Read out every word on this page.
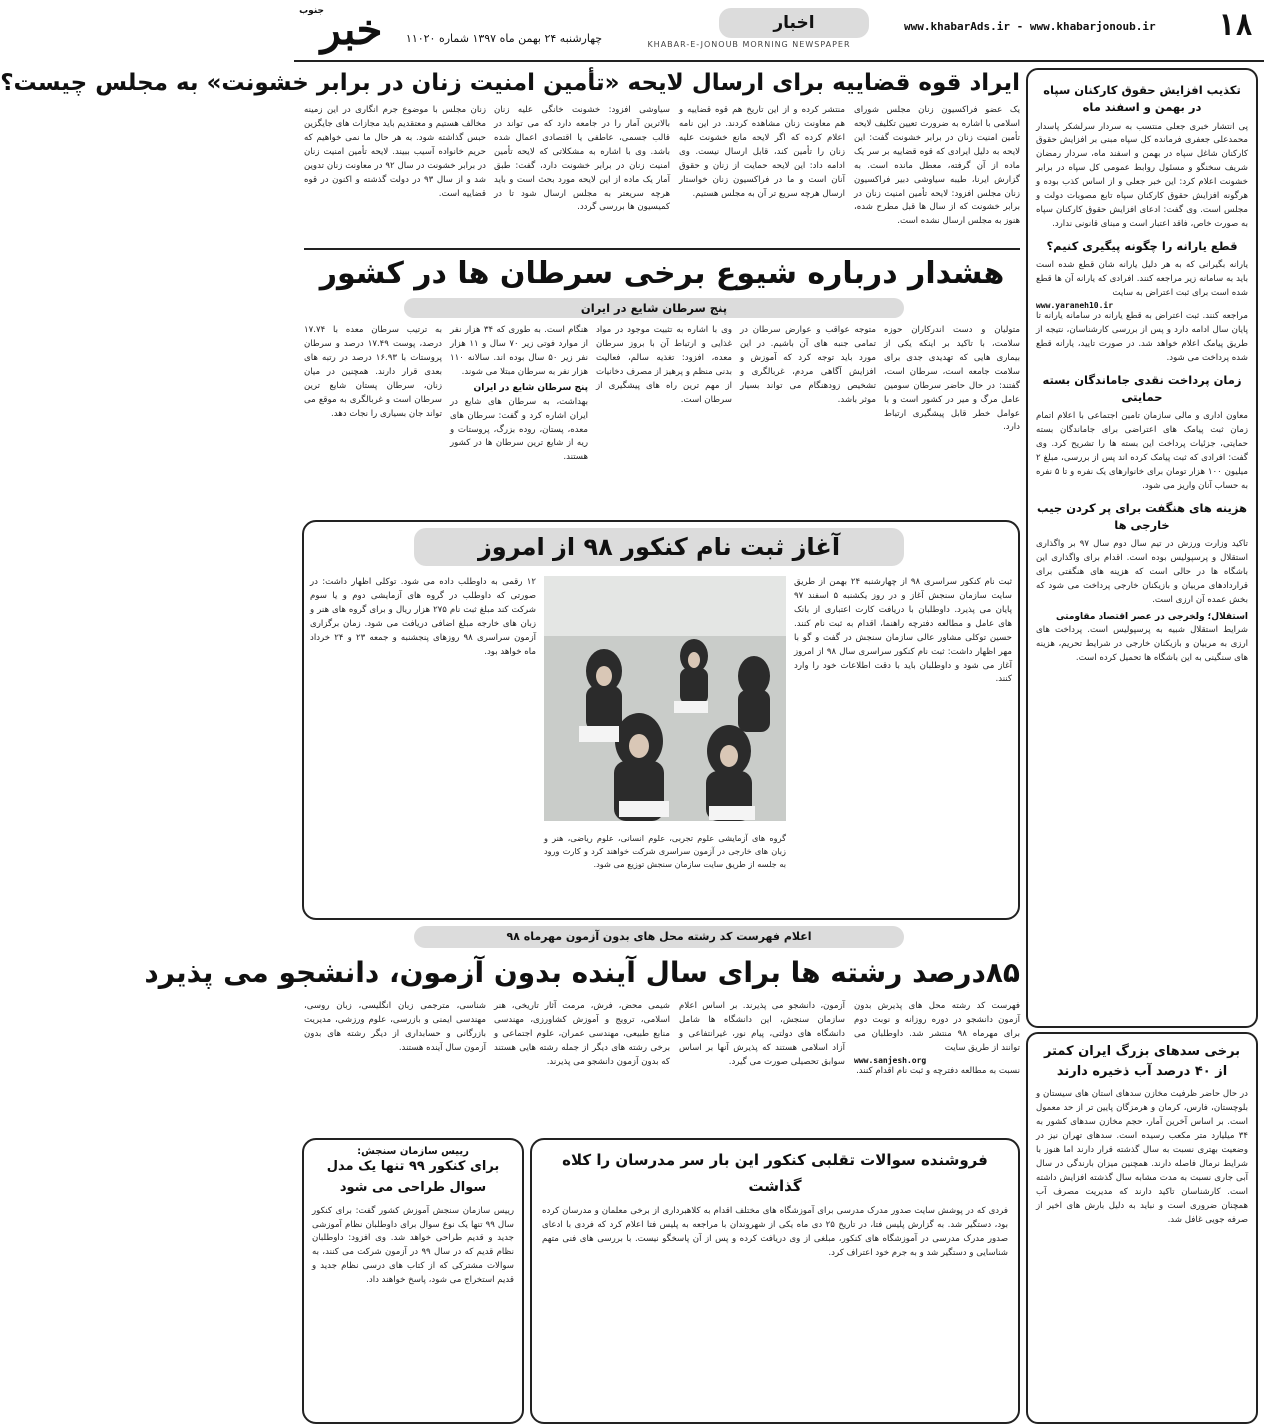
١٨
www.khabarAds.ir - www.khabarjonoub.ir
اخبار
KHABAR-E-JONOUB MORNING NEWSPAPER
خبر
جنوب
چهارشنبه ۲۴ بهمن ماه ۱۳۹۷ شماره ۱۱۰۲۰
تکذیب افزایش حقوق کارکنان سپاه در بهمن و اسفند ماه

پی انتشار خبری جعلی منتسب به سردار سرلشکر پاسدار محمدعلی جعفری فرمانده کل سپاه مبنی بر افزایش حقوق کارکنان شاغل سپاه در بهمن و اسفند ماه، سردار رمضان شریف سخنگو و مسئول روابط عمومی کل سپاه در برابر خشونت اعلام کرد: این خبر جعلی و از اساس کذب بوده و هرگونه افزایش حقوق کارکنان سپاه تابع مصوبات دولت و مجلس است. وی گفت: ادعای افزایش حقوق کارکنان سپاه به صورت خاص، فاقد اعتبار است و مبنای قانونی ندارد.

قطع یارانه را چگونه پیگیری کنیم؟

یارانه بگیرانی که به هر دلیل یارانه شان قطع شده است باید به سامانه زیر مراجعه کنند. افرادی که یارانه آن ها قطع شده است برای ثبت اعتراض به سایت

www.yaraneh10.ir

مراجعه کنند. ثبت اعتراض به قطع یارانه در سامانه یارانه تا پایان سال ادامه دارد و پس از بررسی کارشناسان، نتیجه از طریق پیامک اعلام خواهد شد. در صورت تایید، یارانه قطع شده پرداخت می شود.

زمان پرداخت نقدی جاماندگان بسته حمایتی

معاون اداری و مالی سازمان تامین اجتماعی با اعلام اتمام زمان ثبت پیامک های اعتراضی برای جاماندگان بسته حمایتی، جزئیات پرداخت این بسته ها را تشریح کرد. وی گفت: افرادی که ثبت پیامک کرده اند پس از بررسی، مبلغ ۲ میلیون ۱۰۰ هزار تومان برای خانوارهای یک نفره و تا ۵ نفره به حساب آنان واریز می شود.

هزینه های هنگفت برای پر کردن جیب خارجی ها

تاکید وزارت ورزش در تیم سال دوم سال ۹۷ بر واگذاری استقلال و پرسپولیس بوده است. اقدام برای واگذاری این باشگاه ها در حالی است که هزینه های هنگفتی برای قراردادهای مربیان و بازیکنان خارجی پرداخت می شود که بخش عمده آن ارزی است.

استقلال؛ ولخرجی در عصر اقتصاد مقاومتی

شرایط استقلال شبیه به پرسپولیس است. پرداخت های ارزی به مربیان و بازیکنان خارجی در شرایط تحریم، هزینه های سنگینی به این باشگاه ها تحمیل کرده است.

ایراد قوه قضاییه برای ارسال لایحه «تأمین امنیت زنان در برابر خشونت» به مجلس چیست؟

یک عضو فراکسیون زنان مجلس شورای اسلامی با اشاره به ضرورت تعیین تکلیف لایحه تأمین امنیت زنان در برابر خشونت گفت: این لایحه به دلیل ایرادی که قوه قضاییه بر سر یک ماده از آن گرفته، معطل مانده است. به گزارش ایرنا، طیبه سیاوشی دبیر فراکسیون زنان مجلس افزود: لایحه تأمین امنیت زنان در برابر خشونت که از سال ها قبل مطرح شده، هنوز به مجلس ارسال نشده است.

منتشر کرده و از این تاریخ هم قوه قضاییه و هم معاونت زنان مشاهده کردند. در این نامه اعلام کرده که اگر لایحه مانع خشونت علیه زنان را تأمین کند، قابل ارسال نیست. وی ادامه داد: این لایحه حمایت از زنان و حقوق آنان است و ما در فراکسیون زنان خواستار ارسال هرچه سریع تر آن به مجلس هستیم.

سیاوشی افزود: خشونت خانگی علیه زنان بالاترین آمار را در جامعه دارد که می تواند در قالب جسمی، عاطفی یا اقتصادی اعمال شده باشد. وی با اشاره به مشکلاتی که لایحه تأمین امنیت زنان در برابر خشونت دارد، گفت: طبق آمار یک ماده از این لایحه مورد بحث است و باید هرچه سریعتر به مجلس ارسال شود تا در کمیسیون ها بررسی گردد.

زنان مجلس با موضوع جرم انگاری در این زمینه مخالف هستیم و معتقدیم باید مجازات های جایگزین حبس گذاشته شود. به هر حال ما نمی خواهیم که حریم خانواده آسیب ببیند. لایحه تأمین امنیت زنان در برابر خشونت در سال ۹۲ در معاونت زنان تدوین شد و از سال ۹۳ در دولت گذشته و اکنون در قوه قضاییه است.

هشدار درباره شیوع برخی سرطان ها در کشور
پنج سرطان شایع در ایران

متولیان و دست اندرکاران حوزه سلامت، با تاکید بر اینکه یکی از بیماری هایی که تهدیدی جدی برای سلامت جامعه است، سرطان است، گفتند: در حال حاضر سرطان سومین عامل مرگ و میر در کشور است و با عوامل خطر قابل پیشگیری ارتباط دارد.

متوجه عواقب و عوارض سرطان در تمامی جنبه های آن باشیم. در این مورد باید توجه کرد که آموزش و افزایش آگاهی مردم، غربالگری و تشخیص زودهنگام می تواند بسیار موثر باشد.

وی با اشاره به تثبیت موجود در مواد غذایی و ارتباط آن با بروز سرطان معده، افزود: تغذیه سالم، فعالیت بدنی منظم و پرهیز از مصرف دخانیات از مهم ترین راه های پیشگیری از سرطان است.

هنگام است. به طوری که ۳۴ هزار نفر از موارد فوتی زیر ۷۰ سال و ۱۱ هزار نفر زیر ۵۰ سال بوده اند. سالانه ۱۱۰ هزار نفر به سرطان مبتلا می شوند.

پنج سرطان شایع در ایران

بهداشت، به سرطان های شایع در ایران اشاره کرد و گفت: سرطان های معده، پستان، روده بزرگ، پروستات و ریه از شایع ترین سرطان ها در کشور هستند.

به ترتیب سرطان معده با ۱۷.۷۴ درصد، پوست ۱۷.۴۹ درصد و سرطان پروستات با ۱۶.۹۳ درصد در رتبه های بعدی قرار دارند. همچنین در میان زنان، سرطان پستان شایع ترین سرطان است و غربالگری به موقع می تواند جان بسیاری را نجات دهد.

آغاز ثبت نام کنکور ۹۸ از امروز

ثبت نام کنکور سراسری ۹۸ از چهارشنبه ۲۴ بهمن از طریق سایت سازمان سنجش آغاز و در روز یکشنبه ۵ اسفند ۹۷ پایان می پذیرد. داوطلبان با دریافت کارت اعتباری از بانک های عامل و مطالعه دفترچه راهنما، اقدام به ثبت نام کنند. حسین توکلی مشاور عالی سازمان سنجش در گفت و گو با مهر اظهار داشت: ثبت نام کنکور سراسری سال ۹۸ از امروز آغاز می شود و داوطلبان باید با دقت اطلاعات خود را وارد کنند.

گروه های آزمایشی علوم تجربی، علوم انسانی، علوم ریاضی، هنر و زبان های خارجی در آزمون سراسری شرکت خواهند کرد و کارت ورود به جلسه از طریق سایت سازمان سنجش توزیع می شود.

۱۲ رقمی به داوطلب داده می شود. توکلی اظهار داشت: در صورتی که داوطلب در گروه های آزمایشی دوم و یا سوم شرکت کند مبلغ ثبت نام ۲۷۵ هزار ریال و برای گروه های هنر و زبان های خارجه مبلغ اضافی دریافت می شود. زمان برگزاری آزمون سراسری ۹۸ روزهای پنجشنبه و جمعه ۲۳ و ۲۴ خرداد ماه خواهد بود.

اعلام فهرست کد رشته محل های بدون آزمون مهرماه ۹۸
۸۵درصد رشته ها برای سال آینده بدون آزمون، دانشجو می پذیرد

فهرست کد رشته محل های پذیرش بدون آزمون دانشجو در دوره روزانه و نوبت دوم برای مهرماه ۹۸ منتشر شد. داوطلبان می توانند از طریق سایت

www.sanjesh.org

نسبت به مطالعه دفترچه و ثبت نام اقدام کنند.

آزمون، دانشجو می پذیرند. بر اساس اعلام سازمان سنجش، این دانشگاه ها شامل دانشگاه های دولتی، پیام نور، غیرانتفاعی و آزاد اسلامی هستند که پذیرش آنها بر اساس سوابق تحصیلی صورت می گیرد.

شیمی محض، فرش، مرمت آثار تاریخی، هنر اسلامی، ترویج و آموزش کشاورزی، مهندسی منابع طبیعی، مهندسی عمران، علوم اجتماعی و برخی رشته های دیگر از جمله رشته هایی هستند که بدون آزمون دانشجو می پذیرند.

شناسی، مترجمی زبان انگلیسی، زبان روسی، مهندسی ایمنی و بازرسی، علوم ورزشی، مدیریت بازرگانی و حسابداری از دیگر رشته های بدون آزمون سال آینده هستند.

فروشنده سوالات تقلبی کنکور این بار سر مدرسان را کلاه گذاشت

فردی که در پوشش سایت صدور مدرک مدرسی برای آموزشگاه های مختلف اقدام به کلاهبرداری از برخی معلمان و مدرسان کرده بود، دستگیر شد. به گزارش پلیس فتا، در تاریخ ۲۵ دی ماه یکی از شهروندان با مراجعه به پلیس فتا اعلام کرد که فردی با ادعای صدور مدرک مدرسی در آموزشگاه های کنکور، مبلغی از وی دریافت کرده و پس از آن پاسخگو نیست. با بررسی های فنی متهم شناسایی و دستگیر شد و به جرم خود اعتراف کرد.

رییس سازمان سنجش:
برای کنکور ۹۹ تنها یک مدل سوال طراحی می شود

رییس سازمان سنجش آموزش کشور گفت: برای کنکور سال ۹۹ تنها یک نوع سوال برای داوطلبان نظام آموزشی جدید و قدیم طراحی خواهد شد. وی افزود: داوطلبان نظام قدیم که در سال ۹۹ در آزمون شرکت می کنند، به سوالات مشترکی که از کتاب های درسی نظام جدید و قدیم استخراج می شود، پاسخ خواهند داد.

برخی سدهای بزرگ ایران کمتر از ۴۰ درصد آب ذخیره دارند

در حال حاضر ظرفیت مخازن سدهای استان های سیستان و بلوچستان، فارس، کرمان و هرمزگان پایین تر از حد معمول است. بر اساس آخرین آمار، حجم مخازن سدهای کشور به ۳۴ میلیارد متر مکعب رسیده است. سدهای تهران نیز در وضعیت بهتری نسبت به سال گذشته قرار دارند اما هنوز با شرایط نرمال فاصله دارند. همچنین میزان بارندگی در سال آبی جاری نسبت به مدت مشابه سال گذشته افزایش داشته است. کارشناسان تاکید دارند که مدیریت مصرف آب همچنان ضروری است و نباید به دلیل بارش های اخیر از صرفه جویی غافل شد.
